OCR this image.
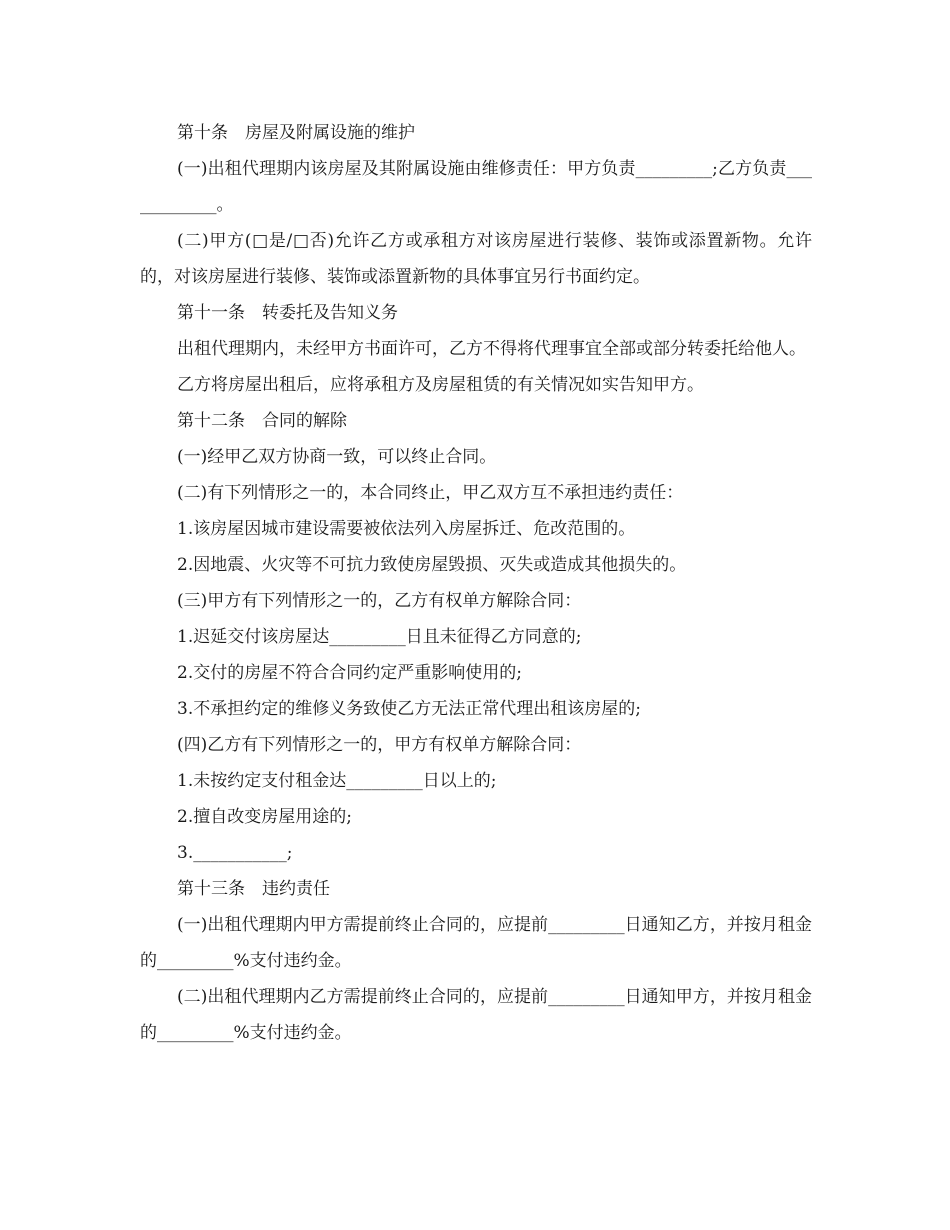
第十条　房屋及附属设施的维护

(一)出租代理期内该房屋及其附属设施由维修责任：甲方负责_________;乙方负责____________。

(二)甲方(□是/□否)允许乙方或承租方对该房屋进行装修、装饰或添置新物。允许的，对该房屋进行装修、装饰或添置新物的具体事宜另行书面约定。

第十一条　转委托及告知义务

出租代理期内，未经甲方书面许可，乙方不得将代理事宜全部或部分转委托给他人。

乙方将房屋出租后，应将承租方及房屋租赁的有关情况如实告知甲方。

第十二条　合同的解除

(一)经甲乙双方协商一致，可以终止合同。

(二)有下列情形之一的，本合同终止，甲乙双方互不承担违约责任：

1.该房屋因城市建设需要被依法列入房屋拆迁、危改范围的。

2.因地震、火灾等不可抗力致使房屋毁损、灭失或造成其他损失的。

(三)甲方有下列情形之一的，乙方有权单方解除合同：

1.迟延交付该房屋达_________日且未征得乙方同意的;

2.交付的房屋不符合合同约定严重影响使用的;

3.不承担约定的维修义务致使乙方无法正常代理出租该房屋的;

(四)乙方有下列情形之一的，甲方有权单方解除合同：

1.未按约定支付租金达_________日以上的;

2.擅自改变房屋用途的;

3.___________;

第十三条　违约责任

(一)出租代理期内甲方需提前终止合同的，应提前_________日通知乙方，并按月租金的_________%支付违约金。

(二)出租代理期内乙方需提前终止合同的，应提前_________日通知甲方，并按月租金的_________%支付违约金。
